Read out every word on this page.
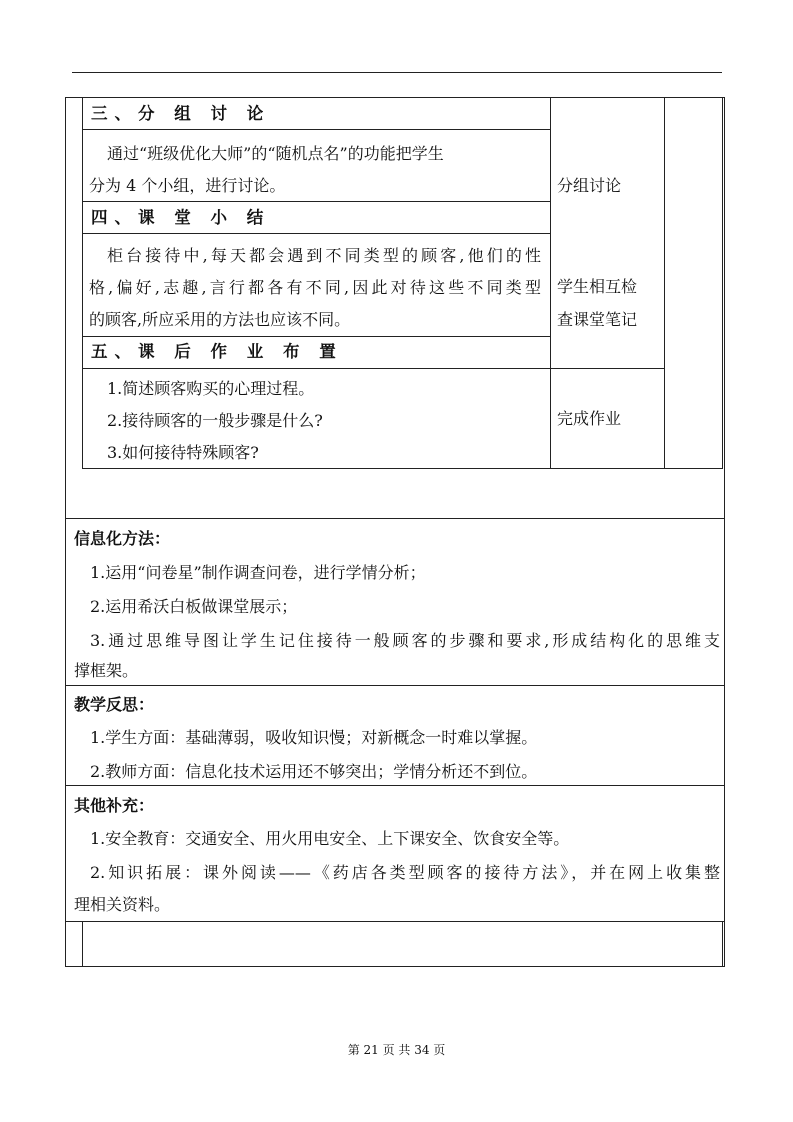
三、分 组 讨 论
通过“班级优化大师”的“随机点名”的功能把学生
分为 4 个小组，进行讨论。
四、课 堂 小 结
柜台接待中,每天都会遇到不同类型的顾客,他们的性
格,偏好,志趣,言行都各有不同,因此对待这些不同类型
的顾客,所应采用的方法也应该不同。
五、课 后 作 业 布 置
1.简述顾客购买的心理过程。
2.接待顾客的一般步骤是什么?
3.如何接待特殊顾客?
分组讨论
学生相互检
查课堂笔记
完成作业
信息化方法：
1.运用“问卷星”制作调查问卷，进行学情分析；
2.运用希沃白板做课堂展示；
3.通过思维导图让学生记住接待一般顾客的步骤和要求,形成结构化的思维支
撑框架。
教学反思：
1.学生方面：基础薄弱，吸收知识慢；对新概念一时难以掌握。
2.教师方面：信息化技术运用还不够突出；学情分析还不到位。
其他补充：
1.安全教育：交通安全、用火用电安全、上下课安全、饮食安全等。
2.知识拓展：课外阅读——《药店各类型顾客的接待方法》，并在网上收集整
理相关资料。
第 21 页 共 34 页
